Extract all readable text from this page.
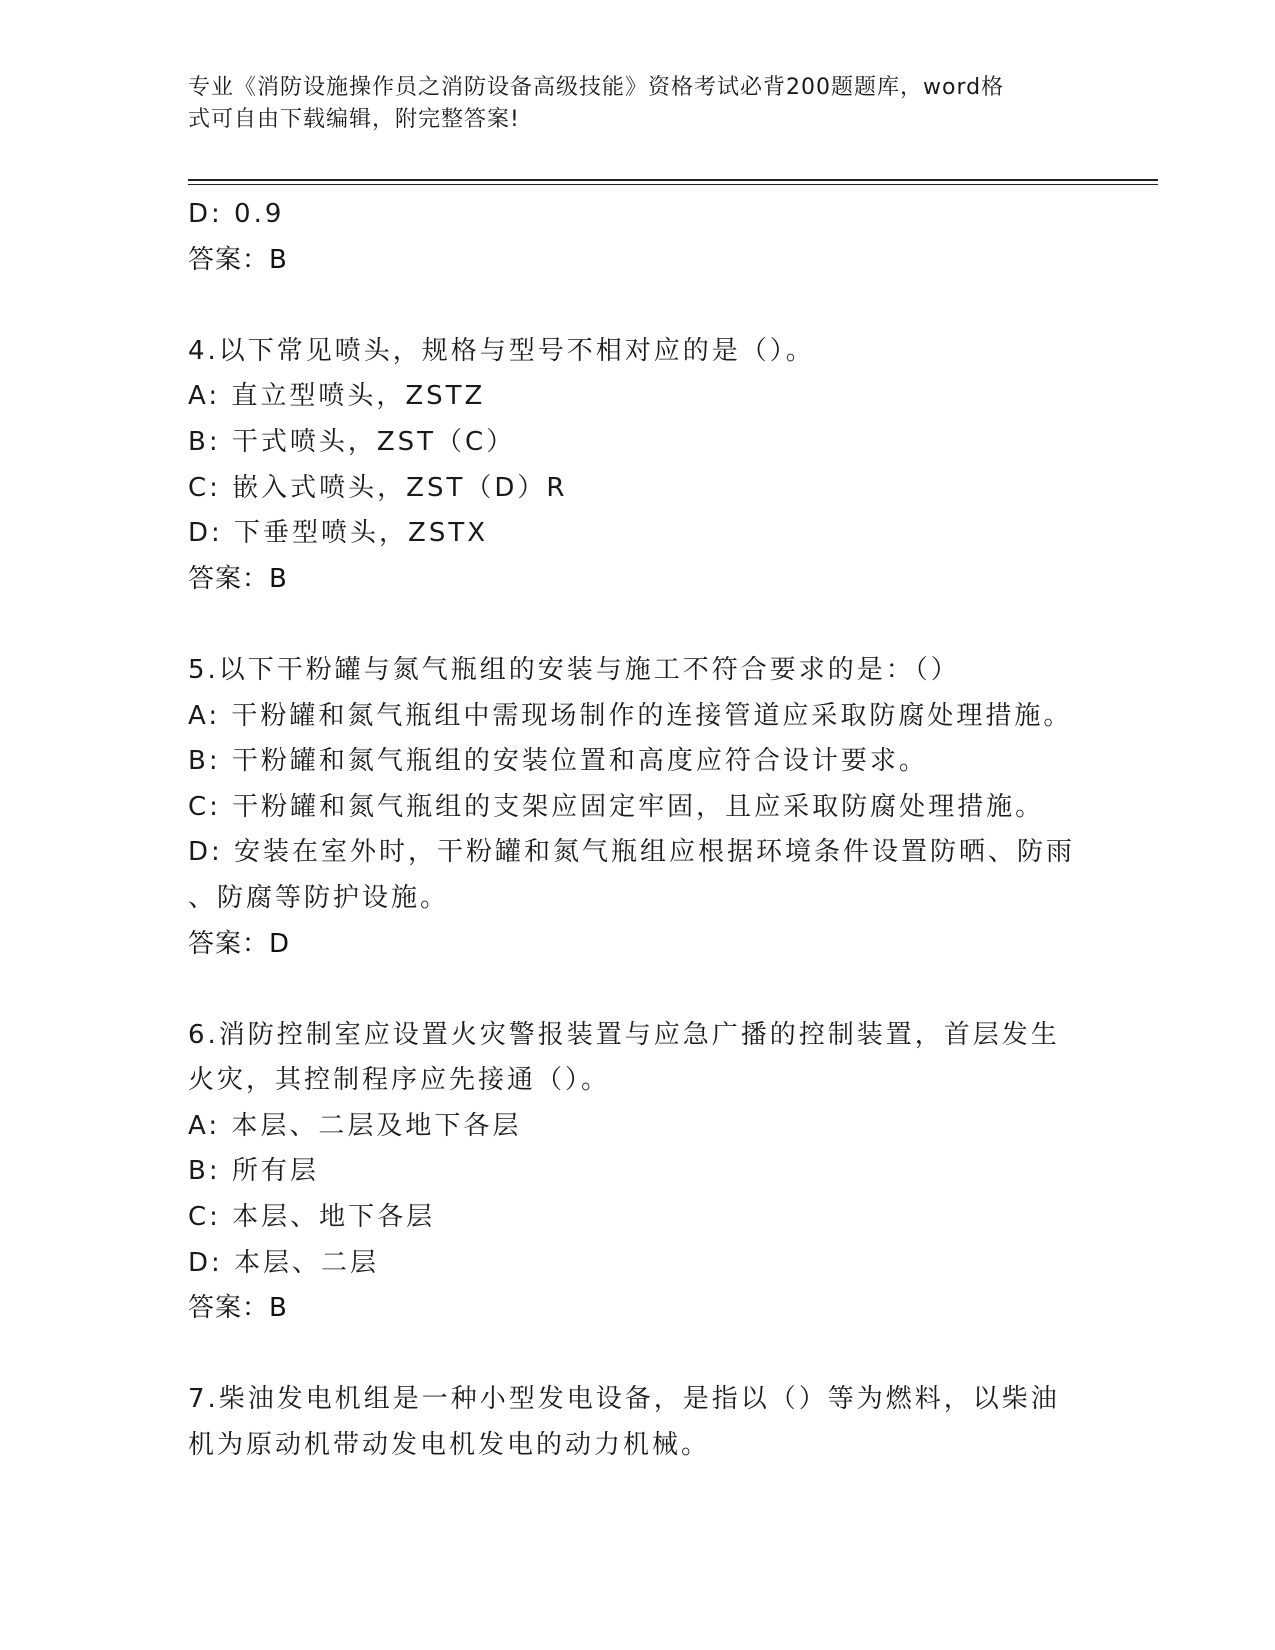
专业《消防设施操作员之消防设备高级技能》资格考试必背200题题库，word格
式可自由下载编辑，附完整答案!
D: 0.9
答案：B
4.以下常见喷头，规格与型号不相对应的是（）。
A: 直立型喷头，ZSTZ
B: 干式喷头，ZST（C）
C: 嵌入式喷头，ZST（D）R
D: 下垂型喷头，ZSTX
答案：B
5.以下干粉罐与氮气瓶组的安装与施工不符合要求的是：（）
A: 干粉罐和氮气瓶组中需现场制作的连接管道应采取防腐处理措施。
B: 干粉罐和氮气瓶组的安装位置和高度应符合设计要求。
C: 干粉罐和氮气瓶组的支架应固定牢固，且应采取防腐处理措施。
D: 安装在室外时，干粉罐和氮气瓶组应根据环境条件设置防晒、防雨
、防腐等防护设施。
答案：D
6.消防控制室应设置火灾警报装置与应急广播的控制装置，首层发生
火灾，其控制程序应先接通（）。
A: 本层、二层及地下各层
B: 所有层
C: 本层、地下各层
D: 本层、二层
答案：B
7.柴油发电机组是一种小型发电设备，是指以（）等为燃料，以柴油
机为原动机带动发电机发电的动力机械。
